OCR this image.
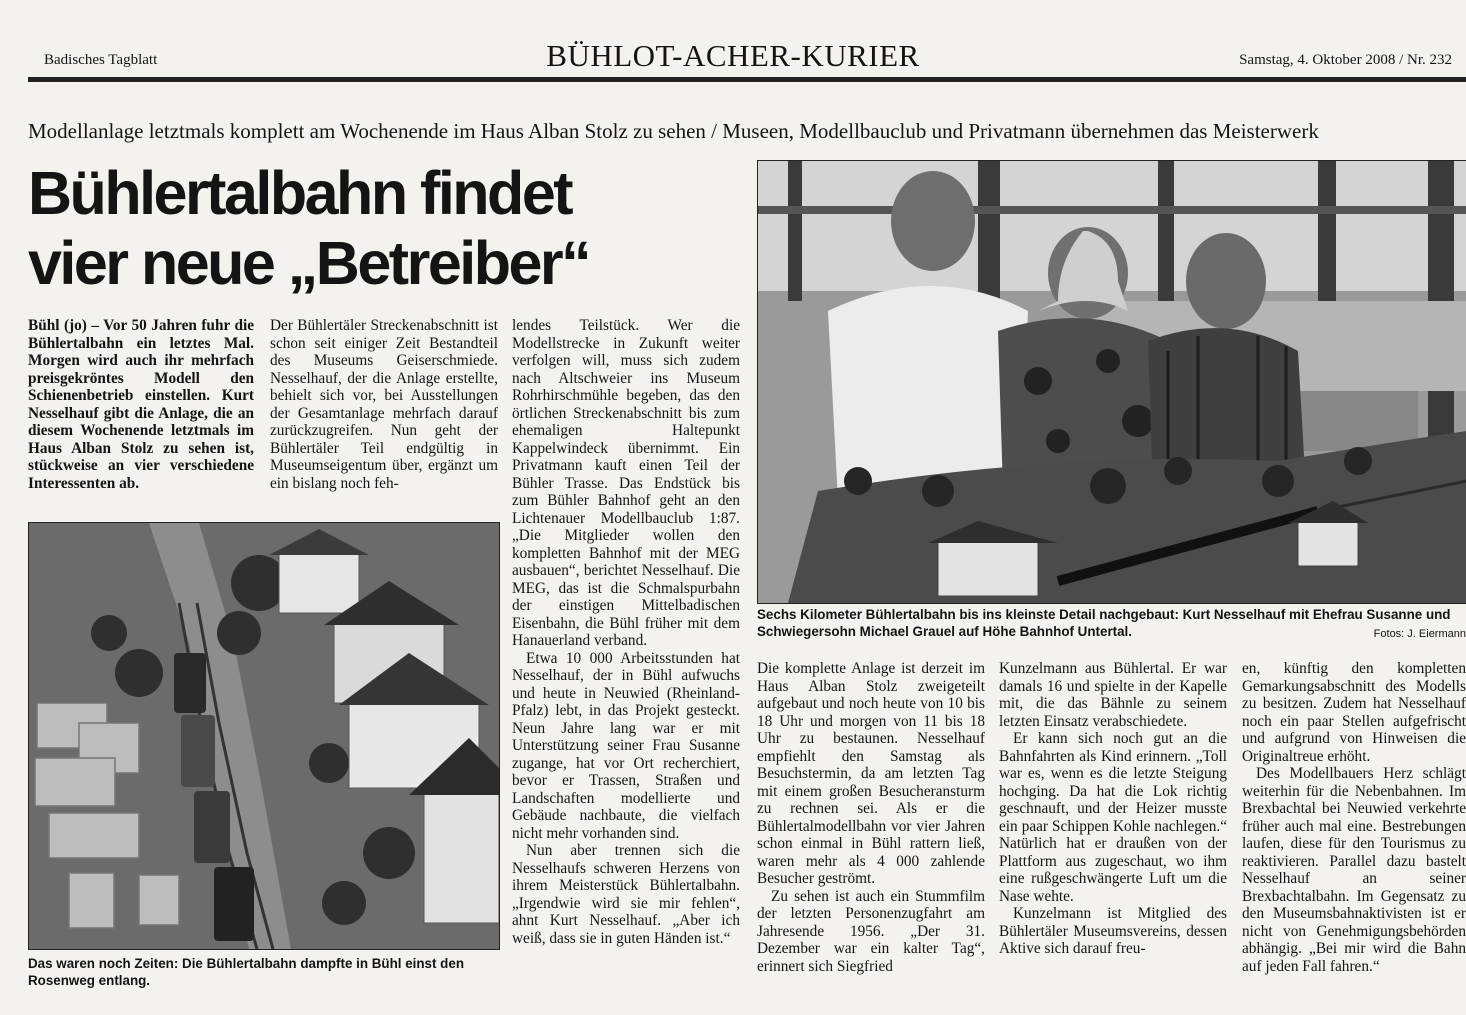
Badisches Tagblatt	BÜHLOT-ACHER-KURIER	Samstag, 4. Oktober 2008 / Nr. 232
Modellanlage letztmals komplett am Wochenende im Haus Alban Stolz zu sehen / Museen, Modellbauclub und Privatmann übernehmen das Meisterwerk
Bühlertalbahn findet
vier neue „Betreiber“

Bühl (jo) – Vor 50 Jahren fuhr die Bühlertalbahn ein letztes Mal. Morgen wird auch ihr mehrfach preisgekröntes Modell den Schienenbetrieb einstellen. Kurt Nesselhauf gibt die Anlage, die an diesem Wochenende letztmals im Haus Alban Stolz zu sehen ist, stückweise an vier verschiedene Interessenten ab.

Der Bühlertäler Streckenabschnitt ist schon seit einiger Zeit Bestandteil des Museums Geiserschmiede. Nesselhauf, der die Anlage erstellte, behielt sich vor, bei Ausstellungen der Gesamtanlage mehrfach darauf zurückzugreifen. Nun geht der Bühlertäler Teil endgültig in Museumseigentum über, ergänzt um ein bislang noch feh-

lendes Teilstück. Wer die Modellstrecke in Zukunft weiter verfolgen will, muss sich zudem nach Altschweier ins Museum Rohrhirschmühle begeben, das den örtlichen Streckenabschnitt bis zum ehemaligen Haltepunkt Kappelwindeck übernimmt. Ein Privatmann kauft einen Teil der Bühler Trasse. Das Endstück bis zum Bühler Bahnhof geht an den Lichtenauer Modellbauclub 1:87. „Die Mitglieder wollen den kompletten Bahnhof mit der MEG ausbauen“, berichtet Nesselhauf. Die MEG, das ist die Schmalspurbahn der einstigen Mittelbadischen Eisenbahn, die Bühl früher mit dem Hanauerland verband.

Etwa 10 000 Arbeitsstunden hat Nesselhauf, der in Bühl aufwuchs und heute in Neuwied (Rheinland-Pfalz) lebt, in das Projekt gesteckt. Neun Jahre lang war er mit Unterstützung seiner Frau Susanne zugange, hat vor Ort recherchiert, bevor er Trassen, Straßen und Landschaften modellierte und Gebäude nachbaute, die vielfach nicht mehr vorhanden sind.

Nun aber trennen sich die Nesselhaufs schweren Herzens von ihrem Meisterstück Bühlertalbahn. „Irgendwie wird sie mir fehlen“, ahnt Kurt Nesselhauf. „Aber ich weiß, dass sie in guten Händen ist.“

Das waren noch Zeiten: Die Bühlertalbahn dampfte in Bühl einst den Rosenweg entlang.
Sechs Kilometer Bühlertalbahn bis ins kleinste Detail nachgebaut: Kurt Nesselhauf mit Ehefrau Susanne und Schwiegersohn Michael Grauel auf Höhe Bahnhof Untertal.	Fotos: J. Eiermann

Die komplette Anlage ist derzeit im Haus Alban Stolz zweigeteilt aufgebaut und noch heute von 10 bis 18 Uhr und morgen von 11 bis 18 Uhr zu bestaunen. Nesselhauf empfiehlt den Samstag als Besuchstermin, da am letzten Tag mit einem großen Besucheransturm zu rechnen sei. Als er die Bühlertalmodellbahn vor vier Jahren schon einmal in Bühl rattern ließ, waren mehr als 4 000 zahlende Besucher geströmt.

Zu sehen ist auch ein Stummfilm der letzten Personenzugfahrt am Jahresende 1956. „Der 31. Dezember war ein kalter Tag“, erinnert sich Siegfried

Kunzelmann aus Bühlertal. Er war damals 16 und spielte in der Kapelle mit, die das Bähnle zu seinem letzten Einsatz verabschiedete.

Er kann sich noch gut an die Bahnfahrten als Kind erinnern. „Toll war es, wenn es die letzte Steigung hochging. Da hat die Lok richtig geschnauft, und der Heizer musste ein paar Schippen Kohle nachlegen.“ Natürlich hat er draußen von der Plattform aus zugeschaut, wo ihm eine rußgeschwängerte Luft um die Nase wehte.

Kunzelmann ist Mitglied des Bühlertäler Museumsvereins, dessen Aktive sich darauf freu-

en, künftig den kompletten Gemarkungsabschnitt des Modells zu besitzen. Zudem hat Nesselhauf noch ein paar Stellen aufgefrischt und aufgrund von Hinweisen die Originaltreue erhöht.

Des Modellbauers Herz schlägt weiterhin für die Nebenbahnen. Im Brexbachtal bei Neuwied verkehrte früher auch mal eine. Bestrebungen laufen, diese für den Tourismus zu reaktivieren. Parallel dazu bastelt Nesselhauf an seiner Brexbachtalbahn. Im Gegensatz zu den Museumsbahnaktivisten ist er nicht von Genehmigungsbehörden abhängig. „Bei mir wird die Bahn auf jeden Fall fahren.“
